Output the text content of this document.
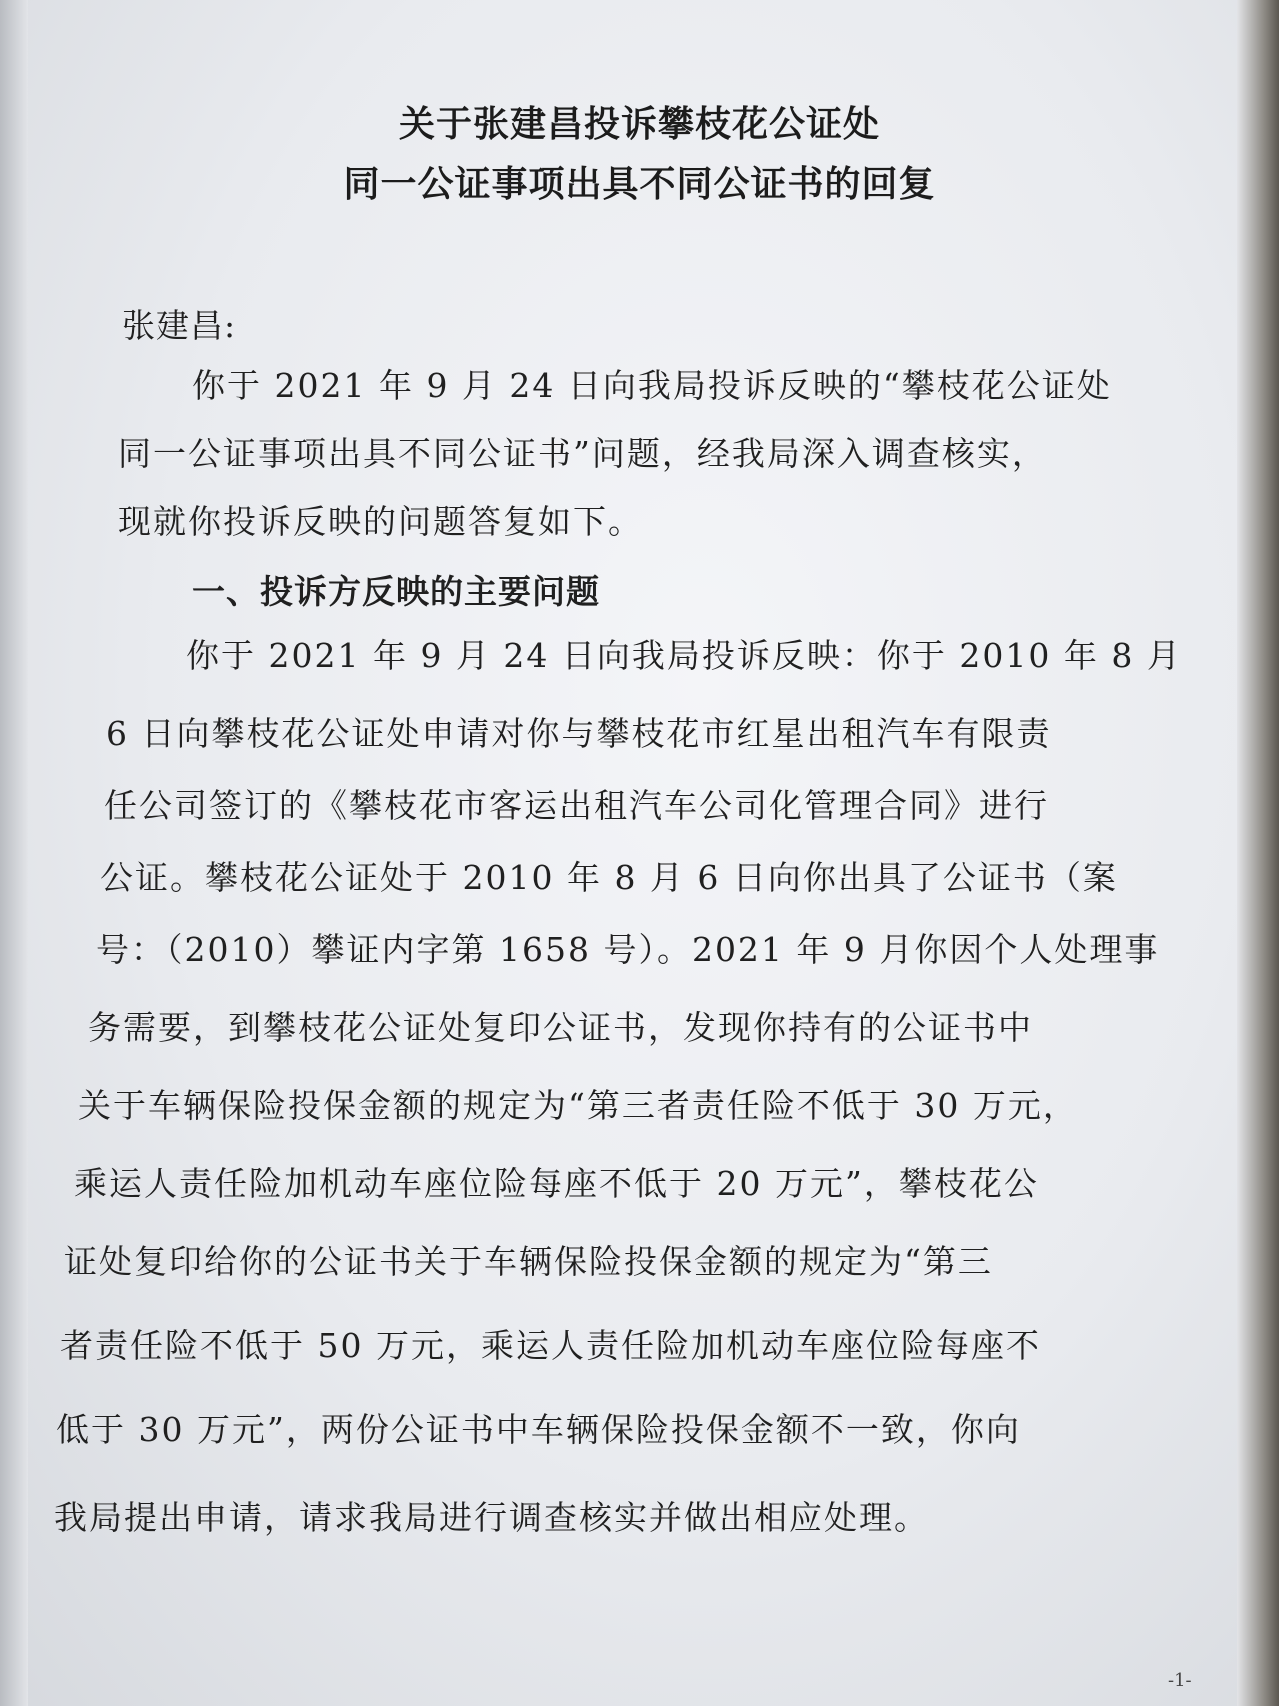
关于张建昌投诉攀枝花公证处
同一公证事项出具不同公证书的回复
张建昌:
你于 2021 年 9 月 24 日向我局投诉反映的“攀枝花公证处
同一公证事项出具不同公证书”问题，经我局深入调查核实，
现就你投诉反映的问题答复如下。
一、投诉方反映的主要问题
你于 2021 年 9 月 24 日向我局投诉反映：你于 2010 年 8 月
6 日向攀枝花公证处申请对你与攀枝花市红星出租汽车有限责
任公司签订的《攀枝花市客运出租汽车公司化管理合同》进行
公证。攀枝花公证处于 2010 年 8 月 6 日向你出具了公证书（案
号：（2010）攀证内字第 1658 号）。2021 年 9 月你因个人处理事
务需要，到攀枝花公证处复印公证书，发现你持有的公证书中
关于车辆保险投保金额的规定为“第三者责任险不低于 30 万元，
乘运人责任险加机动车座位险每座不低于 20 万元”，攀枝花公
证处复印给你的公证书关于车辆保险投保金额的规定为“第三
者责任险不低于 50 万元，乘运人责任险加机动车座位险每座不
低于 30 万元”，两份公证书中车辆保险投保金额不一致，你向
我局提出申请，请求我局进行调查核实并做出相应处理。
-1-
